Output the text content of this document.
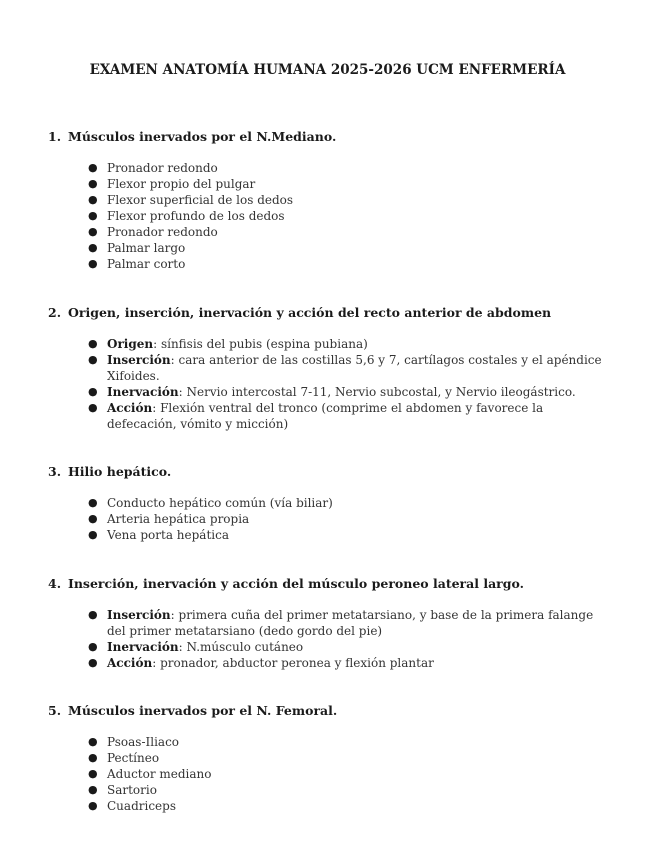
EXAMEN ANATOMÍA HUMANA 2025-2026 UCM ENFERMERÍA

1. Músculos inervados por el N.Mediano.

● Pronador redondo
● Flexor propio del pulgar
● Flexor superficial de los dedos
● Flexor profundo de los dedos
● Pronador redondo
● Palmar largo
● Palmar corto

2. Origen, inserción, inervación y acción del recto anterior de abdomen

● Origen: sínfisis del pubis (espina pubiana)
● Inserción: cara anterior de las costillas 5,6 y 7, cartílagos costales y el apéndice Xifoides.
● Inervación: Nervio intercostal 7-11, Nervio subcostal, y Nervio ileogástrico.
● Acción: Flexión ventral del tronco (comprime el abdomen y favorece la defecación, vómito y micción)

3. Hilio hepático.

● Conducto hepático común (vía biliar)
● Arteria hepática propia
● Vena porta hepática

4. Inserción, inervación y acción del músculo peroneo lateral largo.

● Inserción: primera cuña del primer metatarsiano, y base de la primera falange del primer metatarsiano (dedo gordo del pie)
● Inervación: N.músculo cutáneo
● Acción: pronador, abductor peronea y flexión plantar

5. Músculos inervados por el N. Femoral.

● Psoas-Iliaco
● Pectíneo
● Aductor mediano
● Sartorio
● Cuadriceps
